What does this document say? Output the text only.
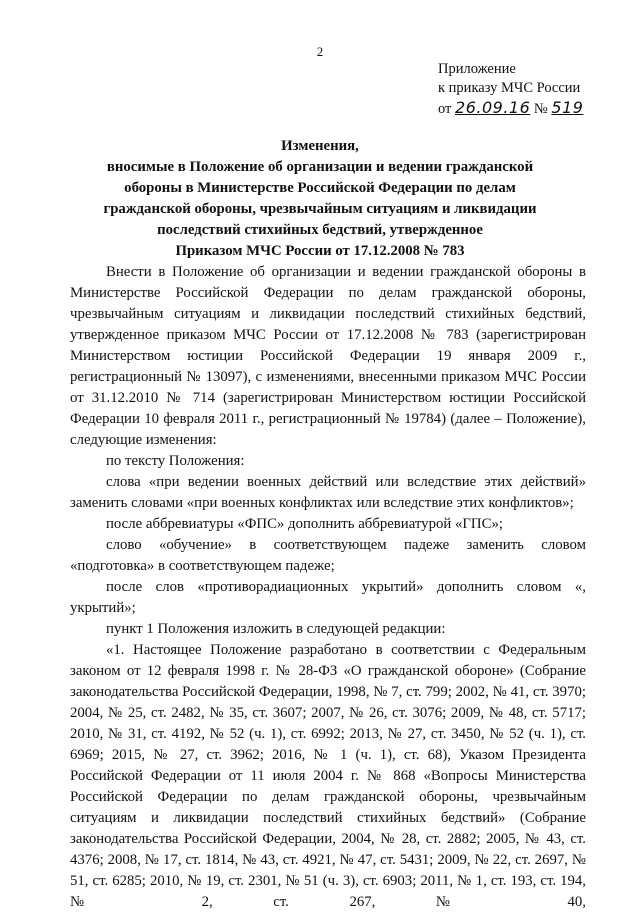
2
Приложение
к приказу МЧС России
от 26.09.16 № 519
Изменения,
вносимые в Положение об организации и ведении гражданской
обороны в Министерстве Российской Федерации по делам
гражданской обороны, чрезвычайным ситуациям и ликвидации
последствий стихийных бедствий, утвержденное
Приказом МЧС России от 17.12.2008 № 783

Внести в Положение об организации и ведении гражданской обороны в Министерстве Российской Федерации по делам гражданской обороны, чрезвычайным ситуациям и ликвидации последствий стихийных бедствий, утвержденное приказом МЧС России от 17.12.2008 № 783 (зарегистрирован Министерством юстиции Российской Федерации 19 января 2009 г., регистрационный № 13097), с изменениями, внесенными приказом МЧС России от 31.12.2010 № 714 (зарегистрирован Министерством юстиции Российской Федерации 10 февраля 2011 г., регистрационный № 19784) (далее – Положение), следующие изменения:

по тексту Положения:

слова «при ведении военных действий или вследствие этих действий» заменить словами «при военных конфликтах или вследствие этих конфликтов»;

после аббревиатуры «ФПС» дополнить аббревиатурой «ГПС»;

слово «обучение» в соответствующем падеже заменить словом «подготовка» в соответствующем падеже;

после слов «противорадиационных укрытий» дополнить словом «, укрытий»;

пункт 1 Положения изложить в следующей редакции:

«1. Настоящее Положение разработано в соответствии с Федеральным законом от 12 февраля 1998 г. № 28-ФЗ «О гражданской обороне» (Собрание законодательства Российской Федерации, 1998, № 7, ст. 799; 2002, № 41, ст. 3970; 2004, № 25, ст. 2482, № 35, ст. 3607; 2007, № 26, ст. 3076; 2009, № 48, ст. 5717; 2010, № 31, ст. 4192, № 52 (ч. 1), ст. 6992; 2013, № 27, ст. 3450, № 52 (ч. 1), ст. 6969; 2015, № 27, ст. 3962; 2016, № 1 (ч. 1), ст. 68), Указом Президента Российской Федерации от 11 июля 2004 г. № 868 «Вопросы Министерства Российской Федерации по делам гражданской обороны, чрезвычайным ситуациям и ликвидации последствий стихийных бедствий» (Собрание законодательства Российской Федерации, 2004, № 28, ст. 2882; 2005, № 43, ст. 4376; 2008, № 17, ст. 1814, № 43, ст. 4921, № 47, ст. 5431; 2009, № 22, ст. 2697, № 51, ст. 6285; 2010, № 19, ст. 2301, № 51 (ч. 3), ст. 6903; 2011, № 1, ст. 193, ст. 194, № 2, ст. 267, № 40,
